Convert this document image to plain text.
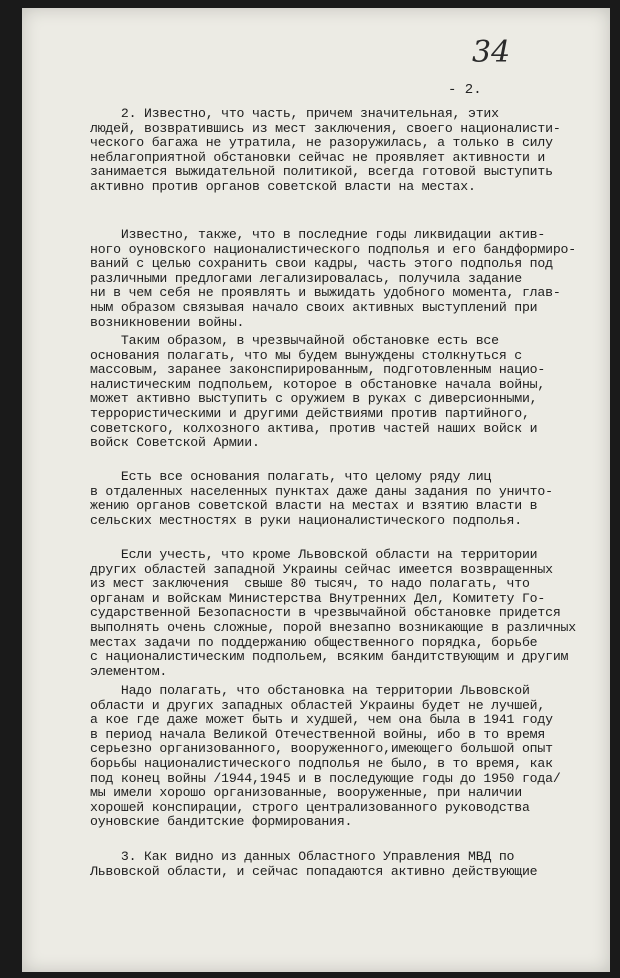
34
- 2.

2. Известно, что часть, причем значительная, этих
людей, возвратившись из мест заключения, своего националисти-
ческого багажа не утратила, не разоружилась, а только в силу
неблагоприятной обстановки сейчас не проявляет активности и
занимается выжидательной политикой, всегда готовой выступить
активно против органов советской власти на местах.

Известно, также, что в последние годы ликвидации актив-
ного оуновского националистического подполья и его бандформиро-
ваний с целью сохранить свои кадры, часть этого подполья под
различными предлогами легализировалась, получила задание
ни в чем себя не проявлять и выжидать удобного момента, глав-
ным образом связывая начало своих активных выступлений при
возникновении войны.

Таким образом, в чрезвычайной обстановке есть все
основания полагать, что мы будем вынуждены столкнуться с
массовым, заранее законспирированным, подготовленным нацио-
налистическим подпольем, которое в обстановке начала войны,
может активно выступить с оружием в руках с диверсионными,
террористическими и другими действиями против партийного,
советского, колхозного актива, против частей наших войск и
войск Советской Армии.

Есть все основания полагать, что целому ряду лиц
в отдаленных населенных пунктах даже даны задания по уничто-
жению органов советской власти на местах и взятию власти в
сельских местностях в руки националистического подполья.

Если учесть, что кроме Львовской области на территории
других областей западной Украины сейчас имеется возвращенных
из мест заключения  свыше 80 тысяч, то надо полагать, что
органам и войскам Министерства Внутренних Дел, Комитету Го-
сударственной Безопасности в чрезвычайной обстановке придется
выполнять очень сложные, порой внезапно возникающие в различных
местах задачи по поддержанию общественного порядка, борьбе
с националистическим подпольем, всяким бандитствующим и другим
элементом.

Надо полагать, что обстановка на территории Львовской
области и других западных областей Украины будет не лучшей,
а кое где даже может быть и худшей, чем она была в 1941 году
в период начала Великой Отечественной войны, ибо в то время
серьезно организованного, вооруженного,имеющего большой опыт
борьбы националистического подполья не было, в то время, как
под конец войны /1944,1945 и в последующие годы до 1950 года/
мы имели хорошо организованные, вооруженные, при наличии
хорошей конспирации, строго централизованного руководства
оуновские бандитские формирования.

3. Как видно из данных Областного Управления МВД по
Львовской области, и сейчас попадаются активно действующие
